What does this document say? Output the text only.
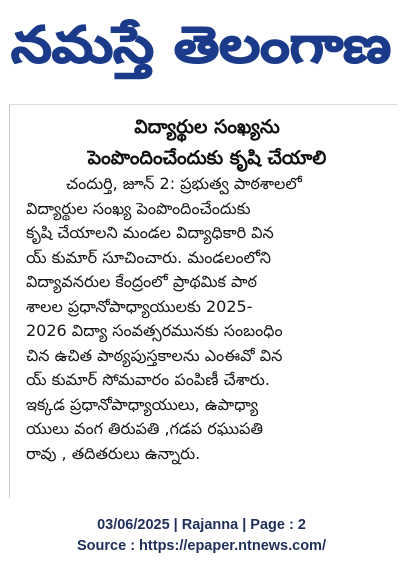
నమస్తే తెలంగాణ
విద్యార్థుల సంఖ్యను
పెంపొందించేందుకు కృషి చేయాలి
చందుర్తి, జూన్ 2: ప్రభుత్వ పాఠశాలలో
విద్యార్థుల సంఖ్య పెంపొందించేందుకు
కృషి చేయాలని మండల విద్యాధికారి విన
య్ కుమార్ సూచించారు. మండలంలోని
విద్యావనరుల కేంద్రంలో ప్రాథమిక పాఠ
శాలల ప్రధానోపాధ్యాయులకు 2025-
2026 విద్యా సంవత్సరమునకు సంబంధిం
చిన ఉచిత పాఠ్యపుస్తకాలను ఎంఈవో విన
య్ కుమార్ సోమవారం పంపిణీ చేశారు.
ఇక్కడ ప్రధానోపాధ్యాయులు, ఉపాధ్యా
యులు వంగ తిరుపతి ,గడప రఘుపతి
రావు , తదితరులు ఉన్నారు.
03/06/2025 | Rajanna | Page : 2
Source : https://epaper.ntnews.com/
